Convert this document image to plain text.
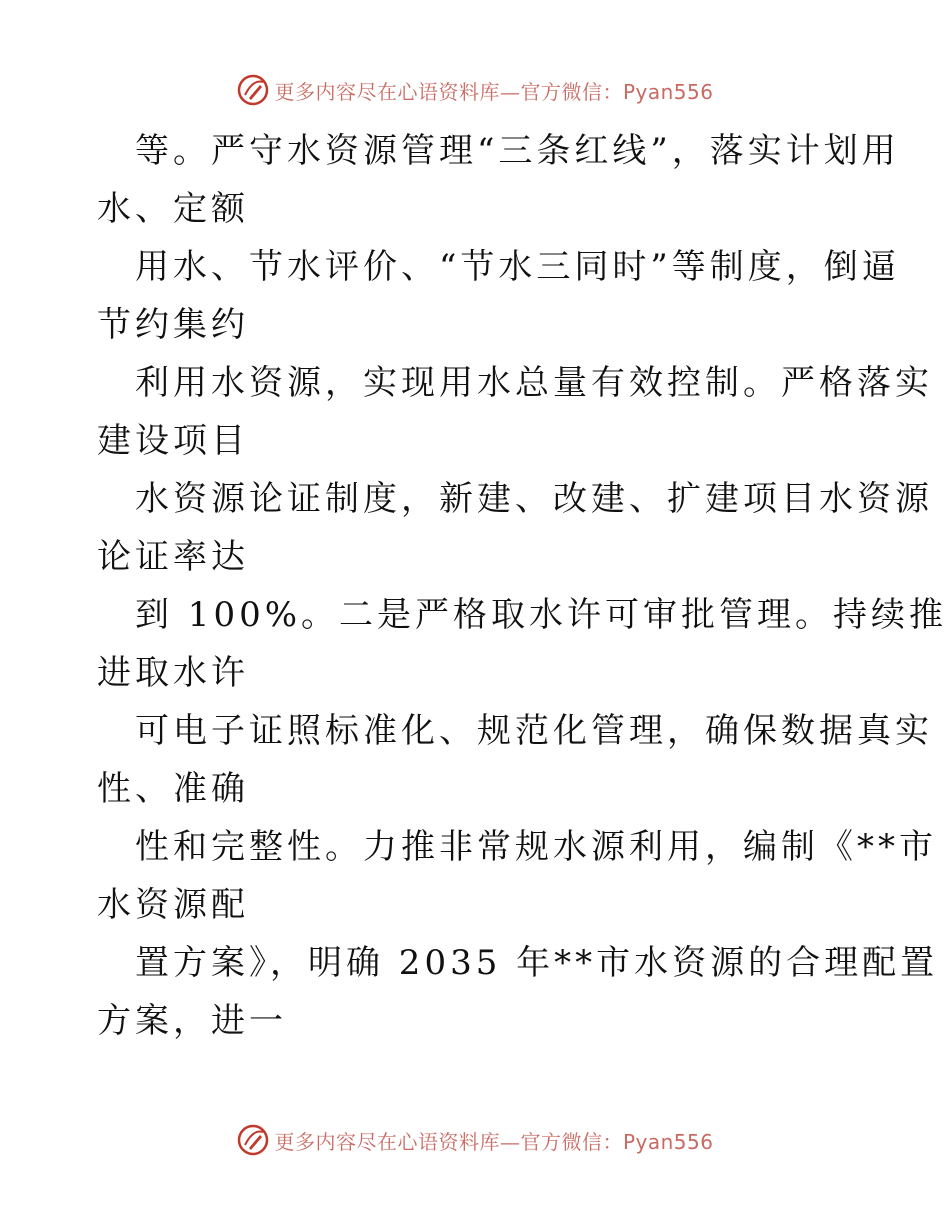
更多内容尽在心语资料库—官方微信：Pyan556
等。严守水资源管理“三条红线”，落实计划用
水、定额
用水、节水评价、“节水三同时”等制度，倒逼
节约集约
利用水资源，实现用水总量有效控制。严格落实
建设项目
水资源论证制度，新建、改建、扩建项目水资源
论证率达
到 100%。二是严格取水许可审批管理。持续推
进取水许
可电子证照标准化、规范化管理，确保数据真实
性、准确
性和完整性。力推非常规水源利用，编制《**市
水资源配
置方案》，明确 2035 年**市水资源的合理配置
方案，进一
更多内容尽在心语资料库—官方微信：Pyan556
